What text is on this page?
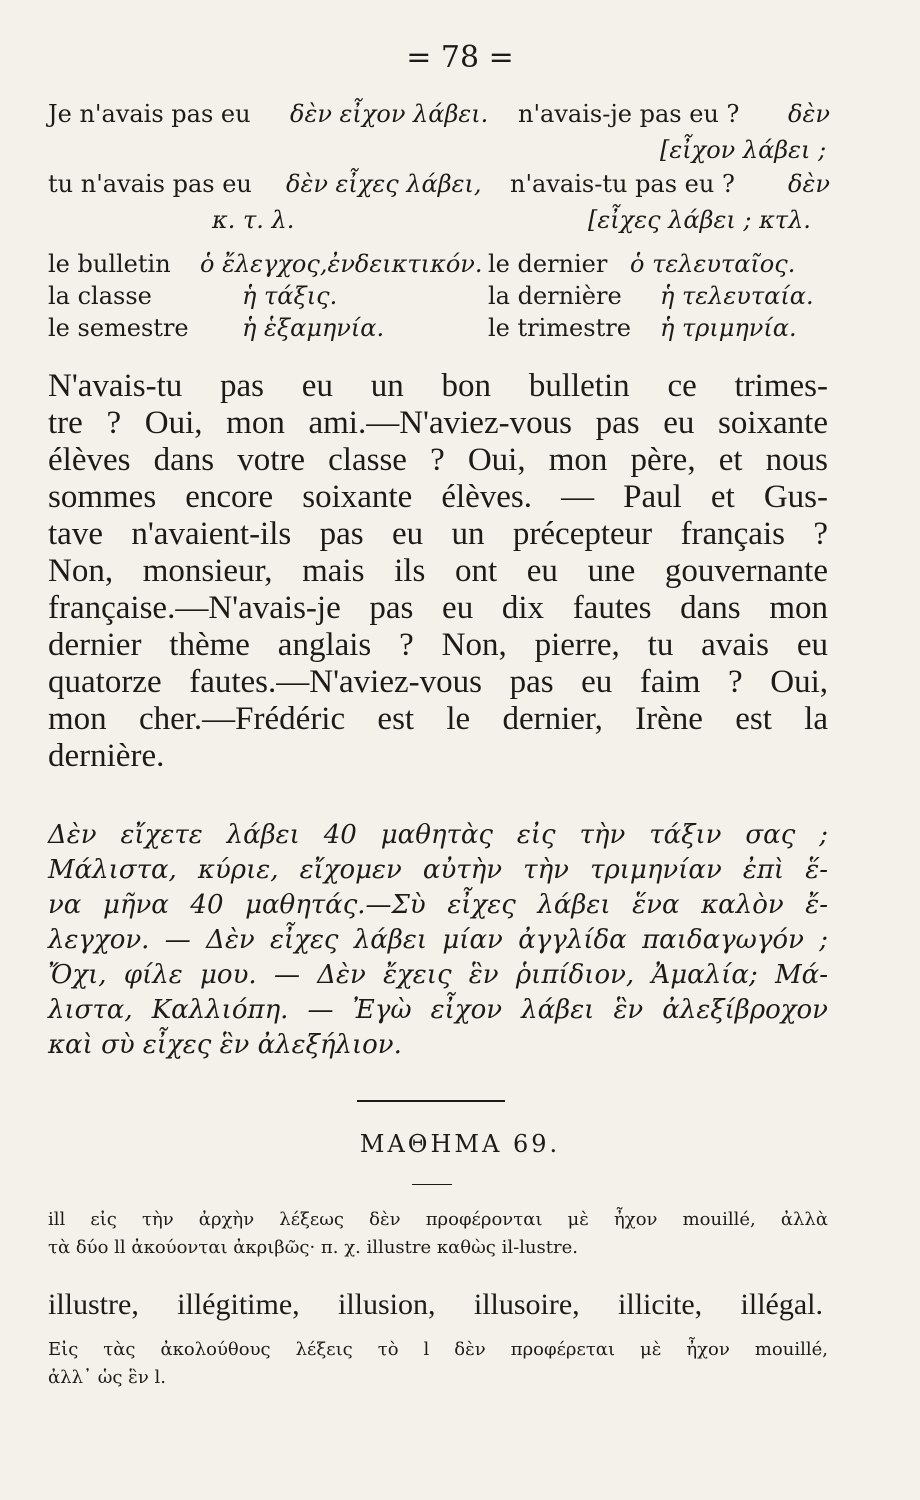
= 78 =
Je n'avais pas eu δὲν εἶχον λάβει. n'avais-je pas eu ? δὲν
[εἶχον λάβει ;
tu n'avais pas eu δὲν εἶχες λάβει, n'avais-tu pas eu ? δὲν
κ. τ. λ.	[εἶχες λάβει ; κτλ.
le bulletin ὁ ἔλεγχος,ἐνδεικτικόν. le dernier ὁ τελευταῖος.
la classe	ἡ τάξις.	la dernière ἡ τελευταία.
le semestre ἡ ἑξαμηνία.	le trimestre ἡ τριμηνία.
N'avais-tu pas eu un bon bulletin ce trimes-
tre ? Oui, mon ami.—N'aviez-vous pas eu soixante
élèves dans votre classe ? Oui, mon père, et nous
sommes encore soixante élèves. — Paul et Gus-
tave n'avaient-ils pas eu un précepteur français ?
Non, monsieur, mais ils ont eu une gouvernante
française.—N'avais-je pas eu dix fautes dans mon
dernier thème anglais ? Non, pierre, tu avais eu
quatorze fautes.—N'aviez-vous pas eu faim ? Oui,
mon cher.—Frédéric est le dernier, Irène est la
dernière.
Δὲν εἴχετε λάβει 40 μαθητὰς εἰς τὴν τάξιν σας ;
Μάλιστα, κύριε, εἴχομεν αὐτὴν τὴν τριμηνίαν ἐπὶ ἕ-
να μῆνα 40 μαθητάς.—Σὺ εἶχες λάβει ἕνα καλὸν ἔ-
λεγχον. — Δὲν εἶχες λάβει μίαν ἀγγλίδα παιδαγωγόν ;
Ὄχι, φίλε μου. — Δὲν ἔχεις ἓν ῥιπίδιον, Ἀμαλία; Μά-
λιστα, Καλλιόπη. — Ἐγὼ εἶχον λάβει ἓν ἀλεξίβροχον
καὶ σὺ εἶχες ἓν ἀλεξήλιον.
ΜΑΘΗΜΑ 69.
ill εἰς τὴν ἀρχὴν λέξεως δὲν προφέρονται μὲ ἦχον mouillé, ἀλλὰ
τὰ δύο ll ἀκούονται ἀκριβῶς· π. χ. illustre καθὼς il-lustre.
illustre, illégitime, illusion, illusoire, illicite, illégal.
Εἰς τὰς ἀκολούθους λέξεις τὸ l δὲν προφέρεται μὲ ἦχον mouillé,
ἀλλ᾽ ὡς ἓν l.
